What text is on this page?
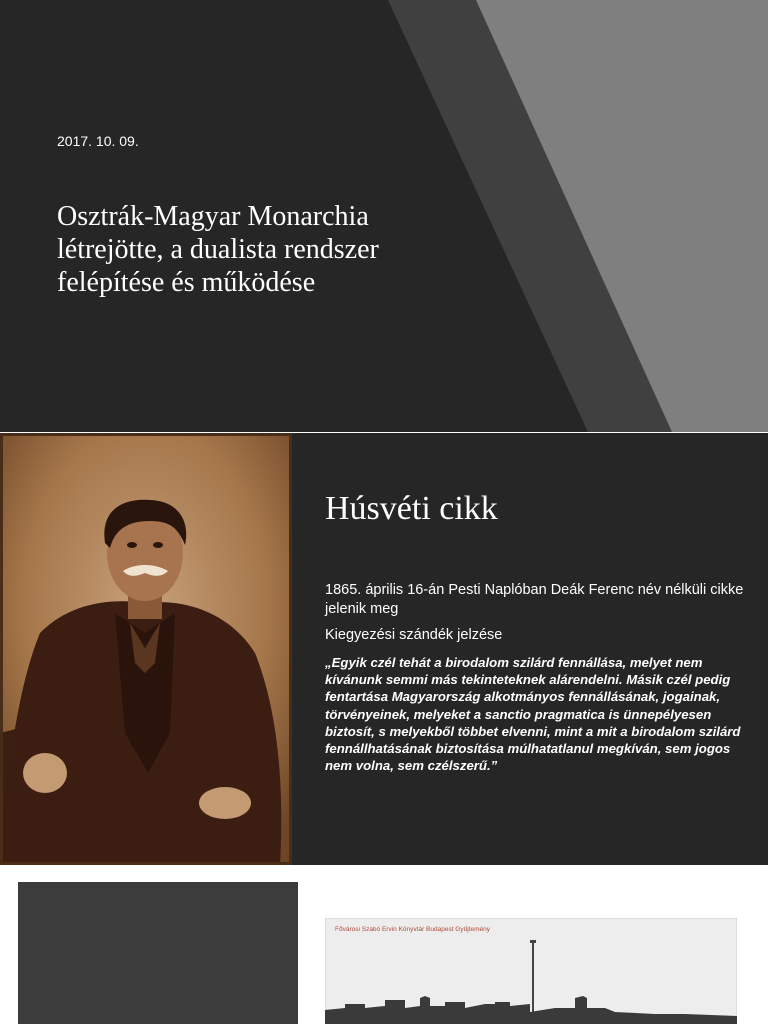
2017. 10. 09.
Osztrák-Magyar Monarchia
létrejötte, a dualista rendszer
felépítése és működése
Húsvéti cikk

1865. április 16-án Pesti Naplóban Deák Ferenc név nélküli cikke jelenik meg

Kiegyezési szándék jelzése

„Egyik czél tehát a birodalom szilárd fennállása, melyet nem kívánunk semmi más tekinteteknek alárendelni. Másik czél pedig fentartása Magyarország alkotmányos fennállásának, jogainak, törvényeinek, melyeket a sanctio pragmatica is ünnepélyesen biztosít, s melyekből többet elvenni, mint a mit a birodalom szilárd fennállhatásának biztosítása múlhatatlanul megkíván, sem jogos nem volna, sem czélszerű.”

Fővárosi Szabó Ervin Könyvtár Budapest Gyűjtemény
